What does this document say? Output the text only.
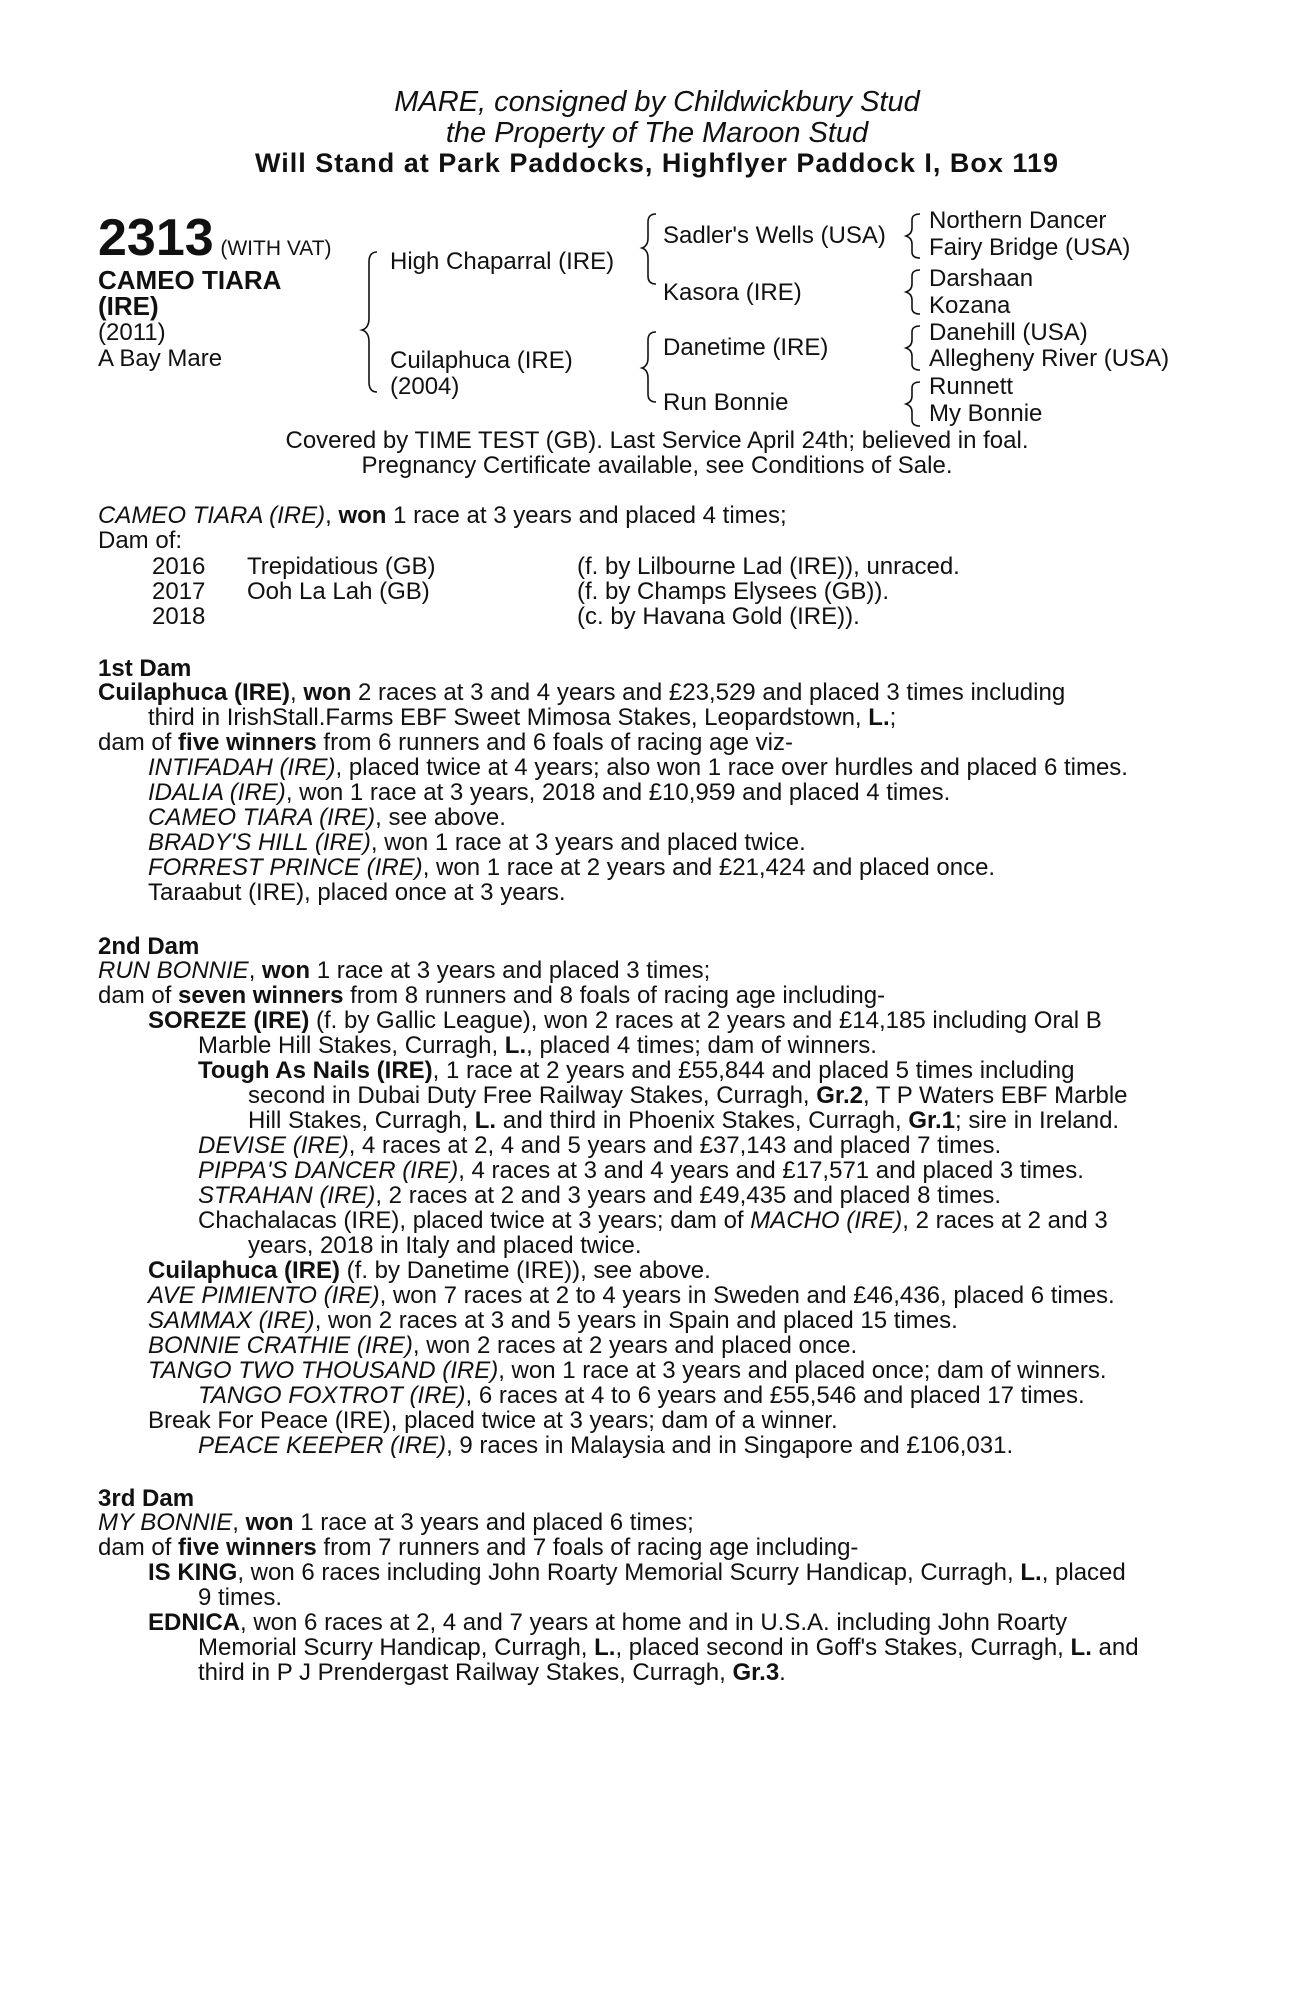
MARE, consigned by Childwickbury Stud
the Property of The Maroon Stud
Will Stand at Park Paddocks, Highflyer Paddock I, Box 119
2313 (WITH VAT)
CAMEO TIARA
(IRE)
(2011)
A Bay Mare
High Chaparral (IRE)
Cuilaphuca (IRE)
(2004)
Sadler's Wells (USA)
Kasora (IRE)
Danetime (IRE)
Run Bonnie
Northern Dancer
Fairy Bridge (USA)
Darshaan
Kozana
Danehill (USA)
Allegheny River (USA)
Runnett
My Bonnie
Covered by TIME TEST (GB). Last Service April 24th; believed in foal.
Pregnancy Certificate available, see Conditions of Sale.
CAMEO TIARA (IRE), won 1 race at 3 years and placed 4 times;
Dam of:
2016 Trepidatious (GB)	(f. by Lilbourne Lad (IRE)), unraced.
2017 Ooh La Lah (GB)	(f. by Champs Elysees (GB)).
2018	(c. by Havana Gold (IRE)).
1st Dam
Cuilaphuca (IRE), won 2 races at 3 and 4 years and £23,529 and placed 3 times including
third in IrishStall.Farms EBF Sweet Mimosa Stakes, Leopardstown, L.;
dam of five winners from 6 runners and 6 foals of racing age viz-
INTIFADAH (IRE), placed twice at 4 years; also won 1 race over hurdles and placed 6 times.
IDALIA (IRE), won 1 race at 3 years, 2018 and £10,959 and placed 4 times.
CAMEO TIARA (IRE), see above.
BRADY'S HILL (IRE), won 1 race at 3 years and placed twice.
FORREST PRINCE (IRE), won 1 race at 2 years and £21,424 and placed once.
Taraabut (IRE), placed once at 3 years.
2nd Dam
RUN BONNIE, won 1 race at 3 years and placed 3 times;
dam of seven winners from 8 runners and 8 foals of racing age including-
SOREZE (IRE) (f. by Gallic League), won 2 races at 2 years and £14,185 including Oral B
Marble Hill Stakes, Curragh, L., placed 4 times; dam of winners.
Tough As Nails (IRE), 1 race at 2 years and £55,844 and placed 5 times including
second in Dubai Duty Free Railway Stakes, Curragh, Gr.2, T P Waters EBF Marble
Hill Stakes, Curragh, L. and third in Phoenix Stakes, Curragh, Gr.1; sire in Ireland.
DEVISE (IRE), 4 races at 2, 4 and 5 years and £37,143 and placed 7 times.
PIPPA'S DANCER (IRE), 4 races at 3 and 4 years and £17,571 and placed 3 times.
STRAHAN (IRE), 2 races at 2 and 3 years and £49,435 and placed 8 times.
Chachalacas (IRE), placed twice at 3 years; dam of MACHO (IRE), 2 races at 2 and 3
years, 2018 in Italy and placed twice.
Cuilaphuca (IRE) (f. by Danetime (IRE)), see above.
AVE PIMIENTO (IRE), won 7 races at 2 to 4 years in Sweden and £46,436, placed 6 times.
SAMMAX (IRE), won 2 races at 3 and 5 years in Spain and placed 15 times.
BONNIE CRATHIE (IRE), won 2 races at 2 years and placed once.
TANGO TWO THOUSAND (IRE), won 1 race at 3 years and placed once; dam of winners.
TANGO FOXTROT (IRE), 6 races at 4 to 6 years and £55,546 and placed 17 times.
Break For Peace (IRE), placed twice at 3 years; dam of a winner.
PEACE KEEPER (IRE), 9 races in Malaysia and in Singapore and £106,031.
3rd Dam
MY BONNIE, won 1 race at 3 years and placed 6 times;
dam of five winners from 7 runners and 7 foals of racing age including-
IS KING, won 6 races including John Roarty Memorial Scurry Handicap, Curragh, L., placed
9 times.
EDNICA, won 6 races at 2, 4 and 7 years at home and in U.S.A. including John Roarty
Memorial Scurry Handicap, Curragh, L., placed second in Goff's Stakes, Curragh, L. and
third in P J Prendergast Railway Stakes, Curragh, Gr.3.
